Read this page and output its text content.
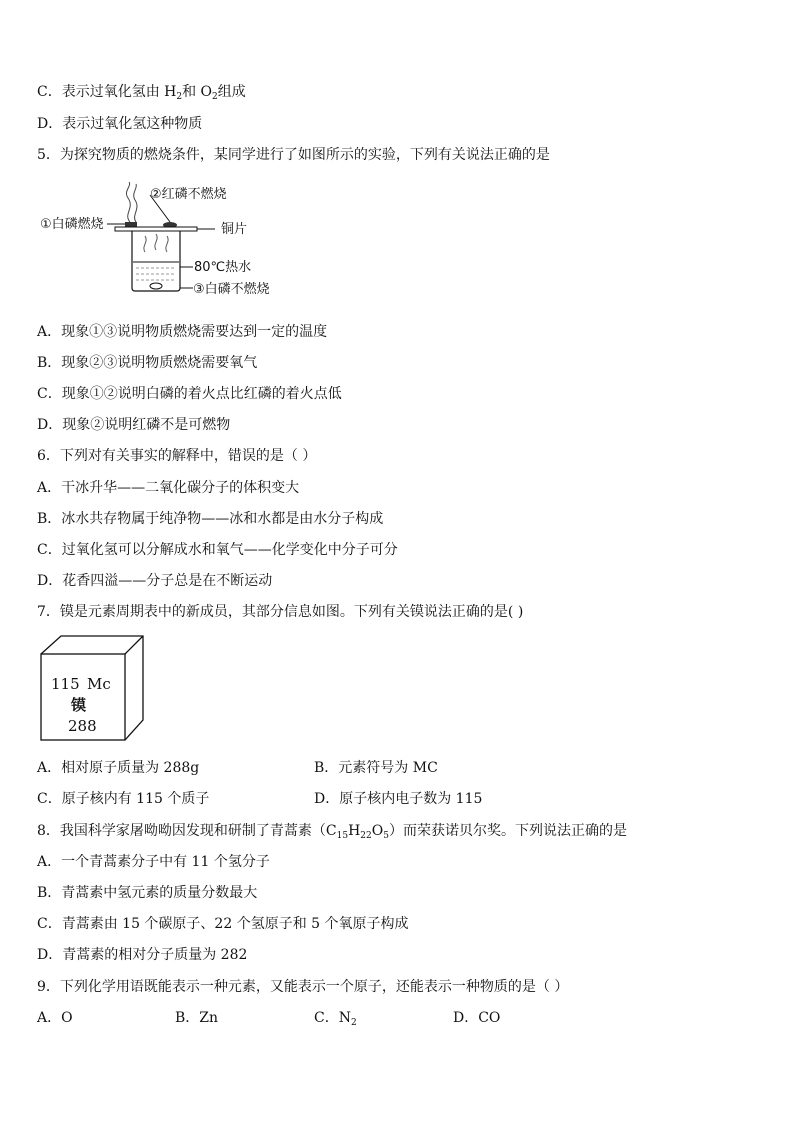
C．表示过氧化氢由 $H_2$和 $O_2$组成
D．表示过氧化氢这种物质
5．为探究物质的燃烧条件，某同学进行了如图所示的实验，下列有关说法正确的是
②红磷不燃烧
铜片
①白磷燃烧
80℃热水
③白磷不燃烧
A．现象①③说明物质燃烧需要达到一定的温度
B．现象②③说明物质燃烧需要氧气
C．现象①②说明白磷的着火点比红磷的着火点低
D．现象②说明红磷不是可燃物
6．下列对有关事实的解释中，错误的是（ ）
A．干冰升华——二氧化碳分子的体积变大
B．冰水共存物属于纯净物——冰和水都是由水分子构成
C．过氧化氢可以分解成水和氧气——化学变化中分子可分
D．花香四溢——分子总是在不断运动
7．镆是元素周期表中的新成员，其部分信息如图。下列有关镆说法正确的是( )
115 Mc
镆
288
A．相对原子质量为 288g	B．元素符号为 MC
C．原子核内有 115 个质子	D．原子核内电子数为 115
8．我国科学家屠呦呦因发现和研制了青蒿素$(C_{15}H_{22}O_5)$而荣获诺贝尔奖。下列说法正确的是
A．一个青蒿素分子中有 11 个氢分子
B．青蒿素中氢元素的质量分数最大
C．青蒿素由 15 个碳原子、22 个氢原子和 5 个氧原子构成
D．青蒿素的相对分子质量为 282
9．下列化学用语既能表示一种元素，又能表示一个原子，还能表示一种物质的是（ ）
A．O	B．Zn	C．$N_2$	D．CO
